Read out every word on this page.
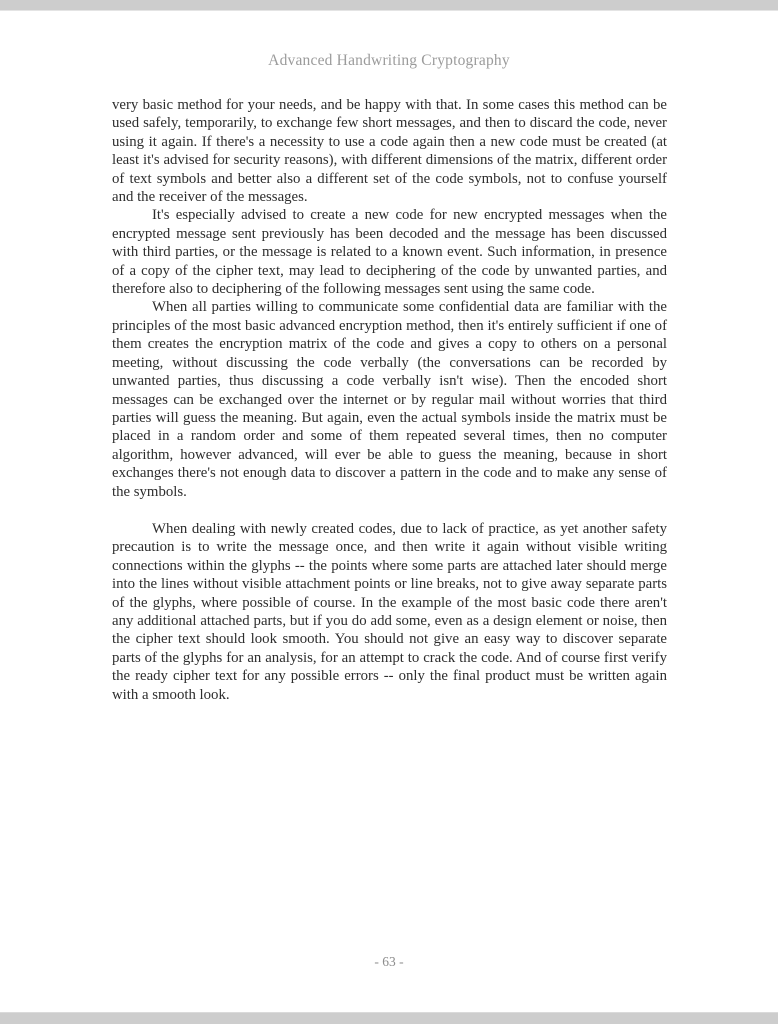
Advanced Handwriting Cryptography

very basic method for your needs, and be happy with that. In some cases this method can be used safely, temporarily, to exchange few short messages, and then to discard the code, never using it again. If there's a necessity to use a code again then a new code must be created (at least it's advised for security reasons), with different dimensions of the matrix, different order of text symbols and better also a different set of the code symbols, not to confuse yourself and the receiver of the messages.

It's especially advised to create a new code for new encrypted messages when the encrypted message sent previously has been decoded and the message has been discussed with third parties, or the message is related to a known event. Such information, in presence of a copy of the cipher text, may lead to deciphering of the code by unwanted parties, and therefore also to deciphering of the following messages sent using the same code.

When all parties willing to communicate some confidential data are familiar with the principles of the most basic advanced encryption method, then it's entirely sufficient if one of them creates the encryption matrix of the code and gives a copy to others on a personal meeting, without discussing the code verbally (the conversations can be recorded by unwanted parties, thus discussing a code verbally isn't wise). Then the encoded short messages can be exchanged over the internet or by regular mail without worries that third parties will guess the meaning. But again, even the actual symbols inside the matrix must be placed in a random order and some of them repeated several times, then no computer algorithm, however advanced, will ever be able to guess the meaning, because in short exchanges there's not enough data to discover a pattern in the code and to make any sense of the symbols.

When dealing with newly created codes, due to lack of practice, as yet another safety precaution is to write the message once, and then write it again without visible writing connections within the glyphs -- the points where some parts are attached later should merge into the lines without visible attachment points or line breaks, not to give away separate parts of the glyphs, where possible of course. In the example of the most basic code there aren't any additional attached parts, but if you do add some, even as a design element or noise, then the cipher text should look smooth. You should not give an easy way to discover separate parts of the glyphs for an analysis, for an attempt to crack the code. And of course first verify the ready cipher text for any possible errors -- only the final product must be written again with a smooth look.

- 63 -
